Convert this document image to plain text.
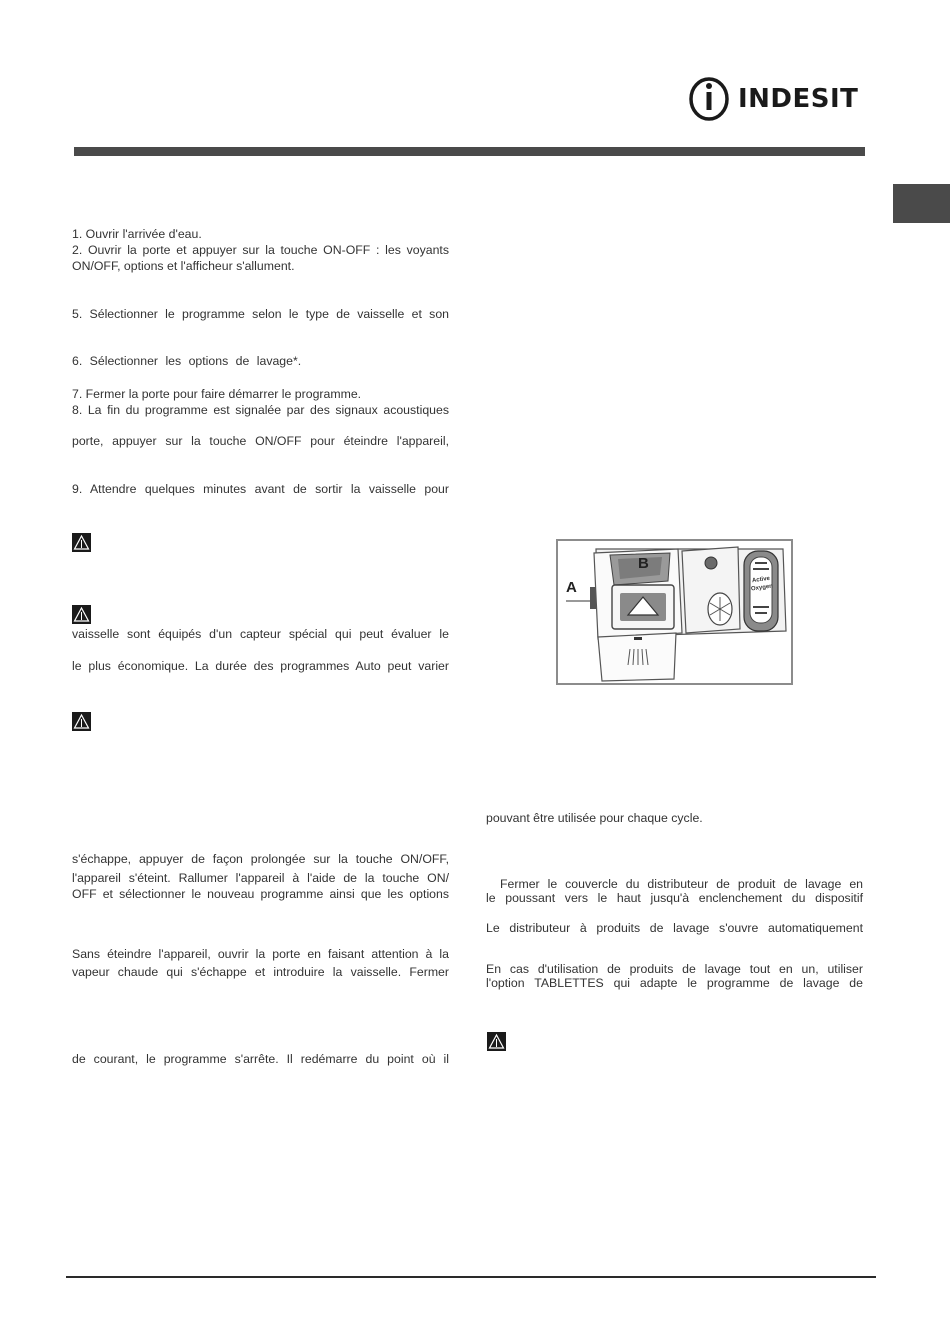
INDESIT
1. Ouvrir l'arrivée d'eau.
2. Ouvrir la porte et appuyer sur la touche ON-OFF : les voyants
ON/OFF, options et l'afficheur s'allument.
5. Sélectionner le programme selon le type de vaisselle et son
6. Sélectionner les options de lavage*.
7. Fermer la porte pour faire démarrer le programme.
8. La fin du programme est signalée par des signaux acoustiques
porte, appuyer sur la touche ON/OFF pour éteindre l'appareil,
9. Attendre quelques minutes avant de sortir la vaisselle pour
vaisselle sont équipés d'un capteur spécial qui peut évaluer le
le plus économique. La durée des programmes Auto peut varier
s'échappe, appuyer de façon prolongée sur la touche ON/OFF,
l'appareil s'éteint. Rallumer l'appareil à l'aide de la touche ON/
OFF et sélectionner le nouveau programme ainsi que les options
Sans éteindre l'appareil, ouvrir la porte en faisant attention à la
vapeur chaude qui s'échappe et introduire la vaisselle. Fermer
de courant, le programme s'arrête. Il redémarre du point où il
Active
Oxygen
B
A
pouvant être utilisée pour chaque cycle.
Fermer le couvercle du distributeur de produit de lavage en
le poussant vers le haut jusqu'à enclenchement du dispositif
Le distributeur à produits de lavage s'ouvre automatiquement
En cas d'utilisation de produits de lavage tout en un, utiliser
l'option TABLETTES qui adapte le programme de lavage de
